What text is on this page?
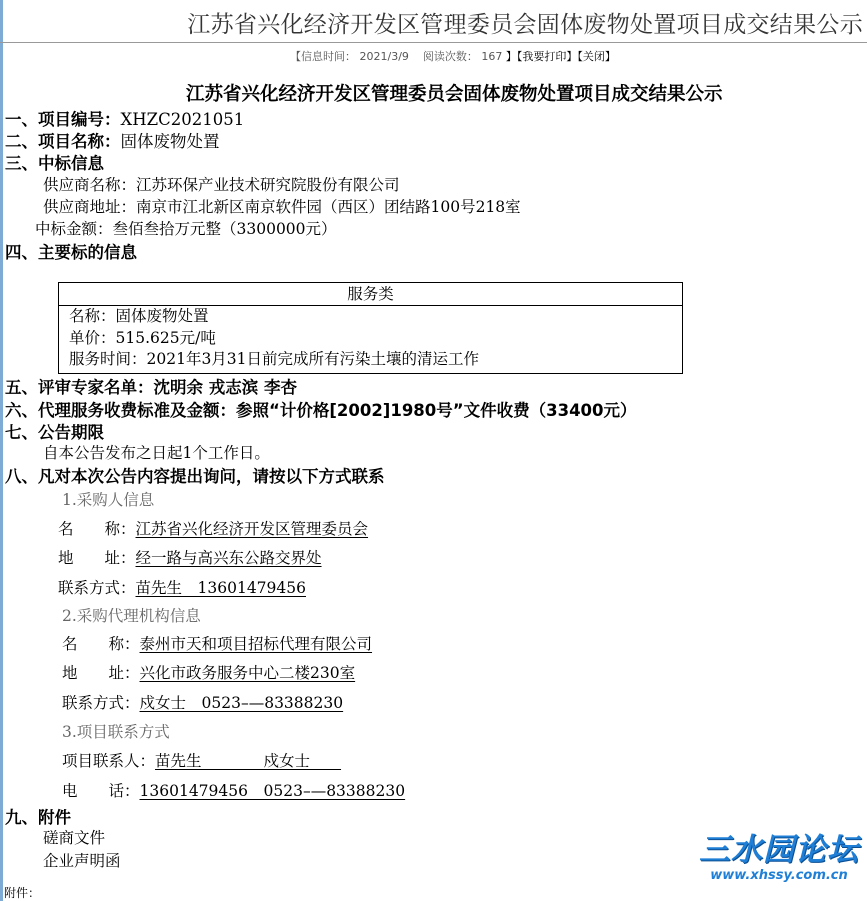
江苏省兴化经济开发区管理委员会固体废物处置项目成交结果公示
【信息时间： 2021/3/9 阅读次数： 167 】【我要打印】【关闭】
江苏省兴化经济开发区管理委员会固体废物处置项目成交结果公示
一、项目编号：XHZC2021051
二、项目名称：固体废物处置
三、中标信息
供应商名称：江苏环保产业技术研究院股份有限公司
供应商地址：南京市江北新区南京软件园（西区）团结路100号218室
中标金额：叁佰叁拾万元整（3300000元）
四、主要标的信息
服务类
名称：固体废物处置
单价：515.625元/吨
服务时间：2021年3月31日前完成所有污染土壤的清运工作
五、评审专家名单：沈明余 戎志滨 李杏
六、代理服务收费标准及金额：参照“计价格[2002]1980号”文件收费（33400元）
七、公告期限
自本公告发布之日起1个工作日。
八、凡对本次公告内容提出询问，请按以下方式联系
1.采购人信息
名　　称：江苏省兴化经济开发区管理委员会
地　　址：经一路与高兴东公路交界处
联系方式：苗先生　13601479456
2.采购代理机构信息
名　　称：泰州市天和项目招标代理有限公司
地　　址：兴化市政务服务中心二楼230室
联系方式：戍女士　0523–—83388230
3.项目联系方式
项目联系人：苗先生　　　　戍女士　　
电　　话：13601479456　0523–—83388230
九、附件
磋商文件
企业声明函
附件：
三水园论坛
www.xhssy.com.cn
